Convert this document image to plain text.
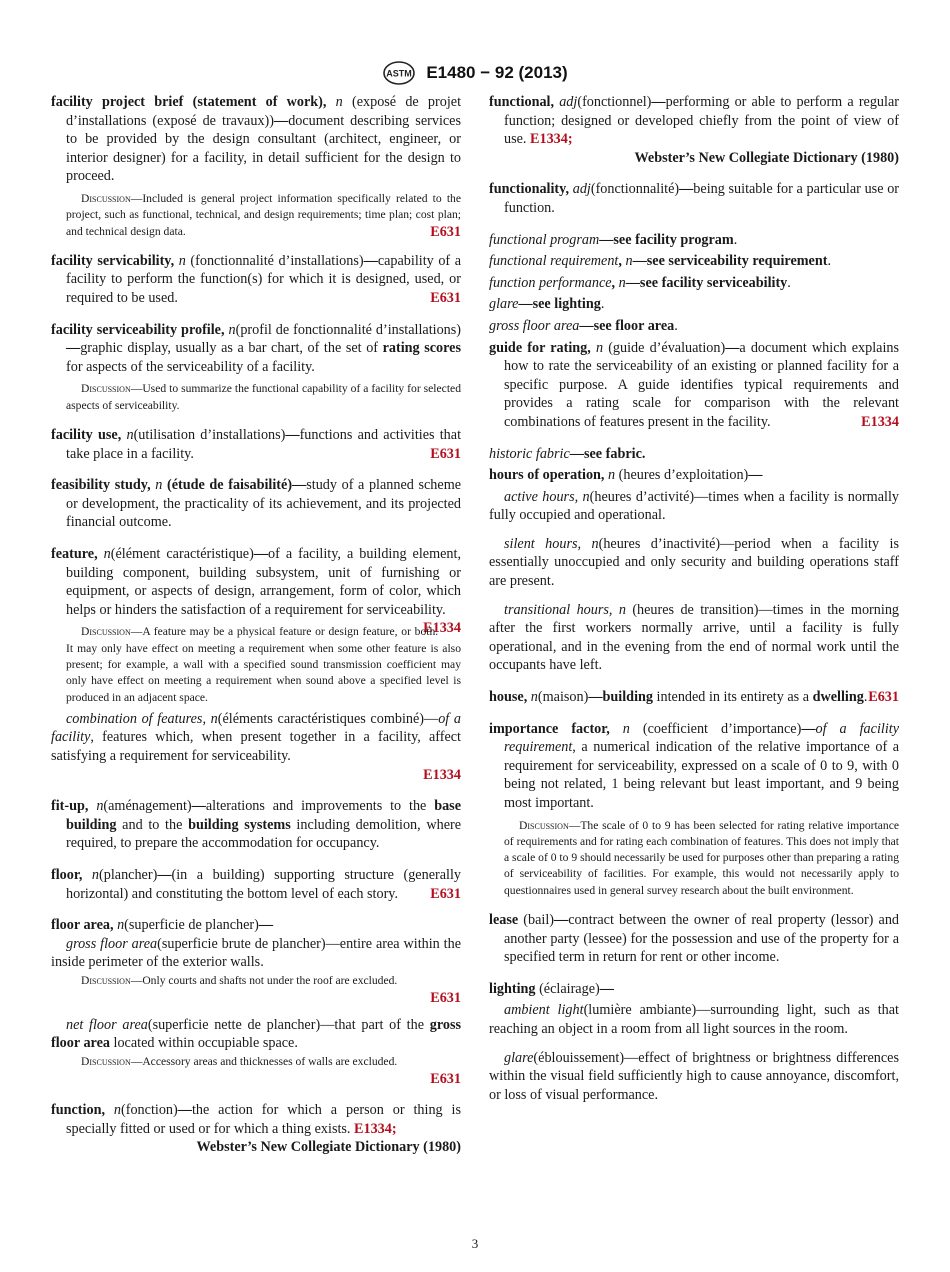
ASTM E1480 − 92 (2013)
facility project brief (statement of work), n (exposé de projet d’installations (exposé de travaux))—document describing services to be provided by the design consultant (architect, engineer, or interior designer) for a facility, in detail sufficient for the design to proceed.
Discussion—Included is general project information specifically related to the project, such as functional, technical, and design requirements; time plan; cost plan; and technical design data.	E631
facility servicability, n (fonctionnalité d’installations)—capability of a facility to perform the function(s) for which it is designed, used, or required to be used.	E631
facility serviceability profile, n(profil de fonctionnalité d’installations)—graphic display, usually as a bar chart, of the set of rating scores for aspects of the serviceability of a facility.
Discussion—Used to summarize the functional capability of a facility for selected aspects of serviceability.
facility use, n(utilisation d’installations)—functions and activities that take place in a facility.	E631
feasibility study, n (étude de faisabilité)—study of a planned scheme or development, the practicality of its achievement, and its projected financial outcome.
feature, n(élément caractéristique)—of a facility, a building element, building component, building subsystem, unit of furnishing or equipment, or aspects of design, arrangement, form of color, which helps or hinders the satisfaction of a requirement for serviceability.
E1334
Discussion—A feature may be a physical feature or design feature, or both. It may only have effect on meeting a requirement when some other feature is also present; for example, a wall with a specified sound transmission coefficient may only have effect on meeting a requirement when sound above a specified level is produced in an adjacent space.
combination of features, n(éléments caractéristiques combiné)—of a facility, features which, when present together in a facility, affect satisfying a requirement for serviceability.
E1334
fit-up, n(aménagement)—alterations and improvements to the base building and to the building systems including demolition, where required, to prepare the accommodation for occupancy.
floor, n(plancher)—(in a building) supporting structure (generally horizontal) and constituting the bottom level of each story. E631
floor area, n(superficie de plancher)—
gross floor area(superficie brute de plancher)—entire area within the inside perimeter of the exterior walls.
Discussion—Only courts and shafts not under the roof are excluded.
E631
net floor area(superficie nette de plancher)—that part of the gross floor area located within occupiable space.
Discussion—Accessory areas and thicknesses of walls are excluded.
E631
function, n(fonction)—the action for which a person or thing is specially fitted or used or for which a thing exists. E1334;
Webster’s New Collegiate Dictionary (1980)
functional, adj(fonctionnel)—performing or able to perform a regular function; designed or developed chiefly from the point of view of use. E1334;
Webster’s New Collegiate Dictionary (1980)
functionality, adj(fonctionnalité)—being suitable for a particular use or function.
functional program—see facility program.
functional requirement, n—see serviceability requirement.
function performance, n—see facility serviceability.
glare—see lighting.
gross floor area—see floor area.
guide for rating, n (guide d’évaluation)—a document which explains how to rate the serviceability of an existing or planned facility for a specific purpose. A guide identifies typical requirements and provides a rating scale for comparison with the relevant combinations of features present in the facility.	E1334
historic fabric—see fabric.
hours of operation, n (heures d’exploitation)—
active hours, n(heures d’activité)—times when a facility is normally fully occupied and operational.
silent hours, n(heures d’inactivité)—period when a facility is essentially unoccupied and only security and building operations staff are present.
transitional hours, n (heures de transition)—times in the morning after the first workers normally arrive, until a facility is fully operational, and in the evening from the end of normal work until the occupants have left.
house, n(maison)—building intended in its entirety as a dwelling. E631
importance factor, n (coefficient d’importance)—of a facility requirement, a numerical indication of the relative importance of a requirement for serviceability, expressed on a scale of 0 to 9, with 0 being not related, 1 being relevant but least important, and 9 being most important.
Discussion—The scale of 0 to 9 has been selected for rating relative importance of requirements and for rating each combination of features. This does not imply that a scale of 0 to 9 should necessarily be used for purposes other than preparing a rating of serviceability of facilities. For example, this would not necessarily apply to questionnaires used in general survey research about the built environment.
lease (bail)—contract between the owner of real property (lessor) and another party (lessee) for the possession and use of the property for a specified term in return for rent or other income.
lighting (éclairage)—
ambient light(lumière ambiante)—surrounding light, such as that reaching an object in a room from all light sources in the room.
glare(éblouissement)—effect of brightness or brightness differences within the visual field sufficiently high to cause annoyance, discomfort, or loss of visual performance.
3
